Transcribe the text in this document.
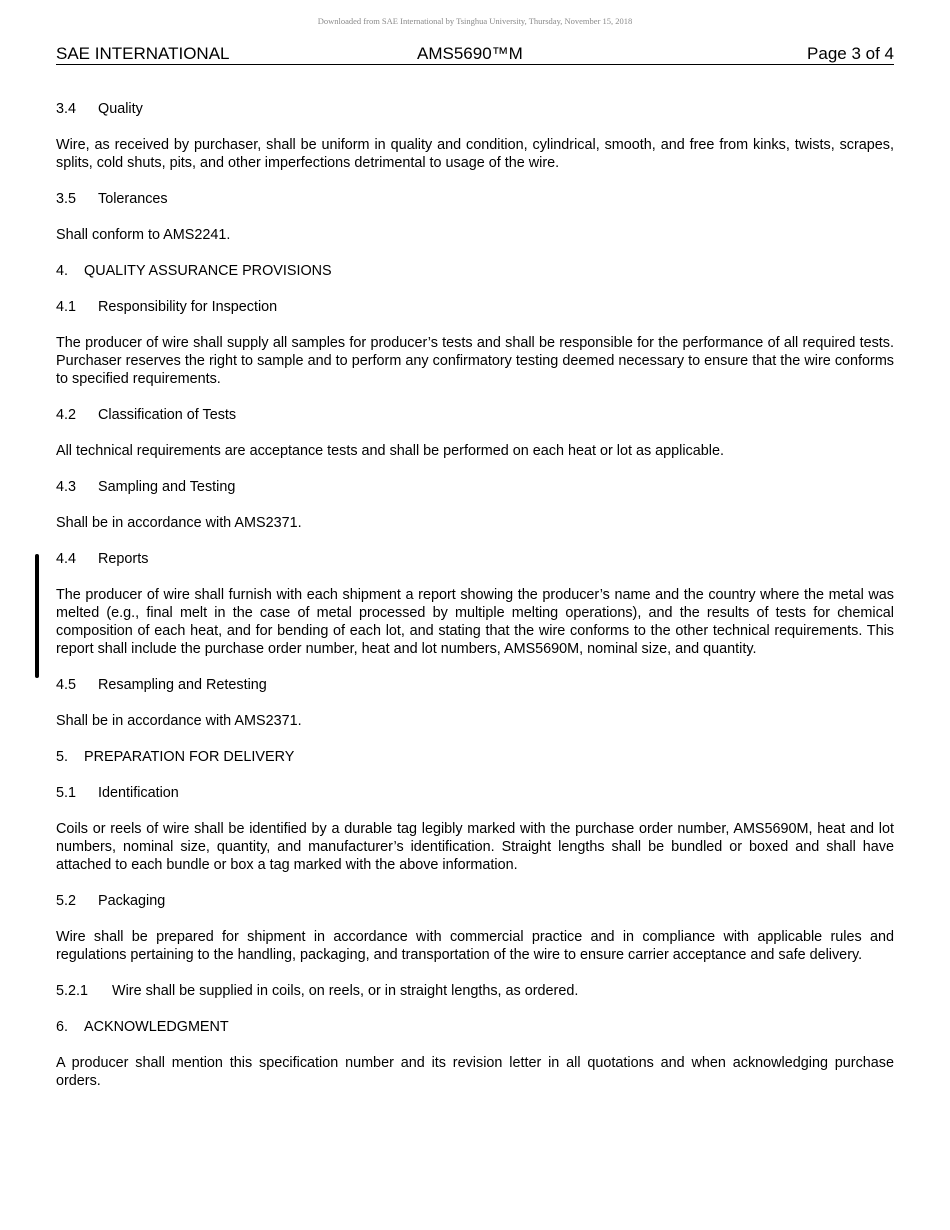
Downloaded from SAE International by Tsinghua University, Thursday, November 15, 2018
SAE INTERNATIONAL	AMS5690™M	Page 3 of 4
3.4 Quality

Wire, as received by purchaser, shall be uniform in quality and condition, cylindrical, smooth, and free from kinks, twists, scrapes, splits, cold shuts, pits, and other imperfections detrimental to usage of the wire.

3.5 Tolerances

Shall conform to AMS2241.

4. QUALITY ASSURANCE PROVISIONS
4.1 Responsibility for Inspection

The producer of wire shall supply all samples for producer’s tests and shall be responsible for the performance of all required tests. Purchaser reserves the right to sample and to perform any confirmatory testing deemed necessary to ensure that the wire conforms to specified requirements.

4.2 Classification of Tests

All technical requirements are acceptance tests and shall be performed on each heat or lot as applicable.

4.3 Sampling and Testing

Shall be in accordance with AMS2371.

4.4 Reports

The producer of wire shall furnish with each shipment a report showing the producer’s name and the country where the metal was melted (e.g., final melt in the case of metal processed by multiple melting operations), and the results of tests for chemical composition of each heat, and for bending of each lot, and stating that the wire conforms to the other technical requirements. This report shall include the purchase order number, heat and lot numbers, AMS5690M, nominal size, and quantity.

4.5 Resampling and Retesting

Shall be in accordance with AMS2371.

5. PREPARATION FOR DELIVERY
5.1 Identification

Coils or reels of wire shall be identified by a durable tag legibly marked with the purchase order number, AMS5690M, heat and lot numbers, nominal size, quantity, and manufacturer’s identification. Straight lengths shall be bundled or boxed and shall have attached to each bundle or box a tag marked with the above information.

5.2 Packaging

Wire shall be prepared for shipment in accordance with commercial practice and in compliance with applicable rules and regulations pertaining to the handling, packaging, and transportation of the wire to ensure carrier acceptance and safe delivery.

5.2.1 Wire shall be supplied in coils, on reels, or in straight lengths, as ordered.
6. ACKNOWLEDGMENT

A producer shall mention this specification number and its revision letter in all quotations and when acknowledging purchase orders.
